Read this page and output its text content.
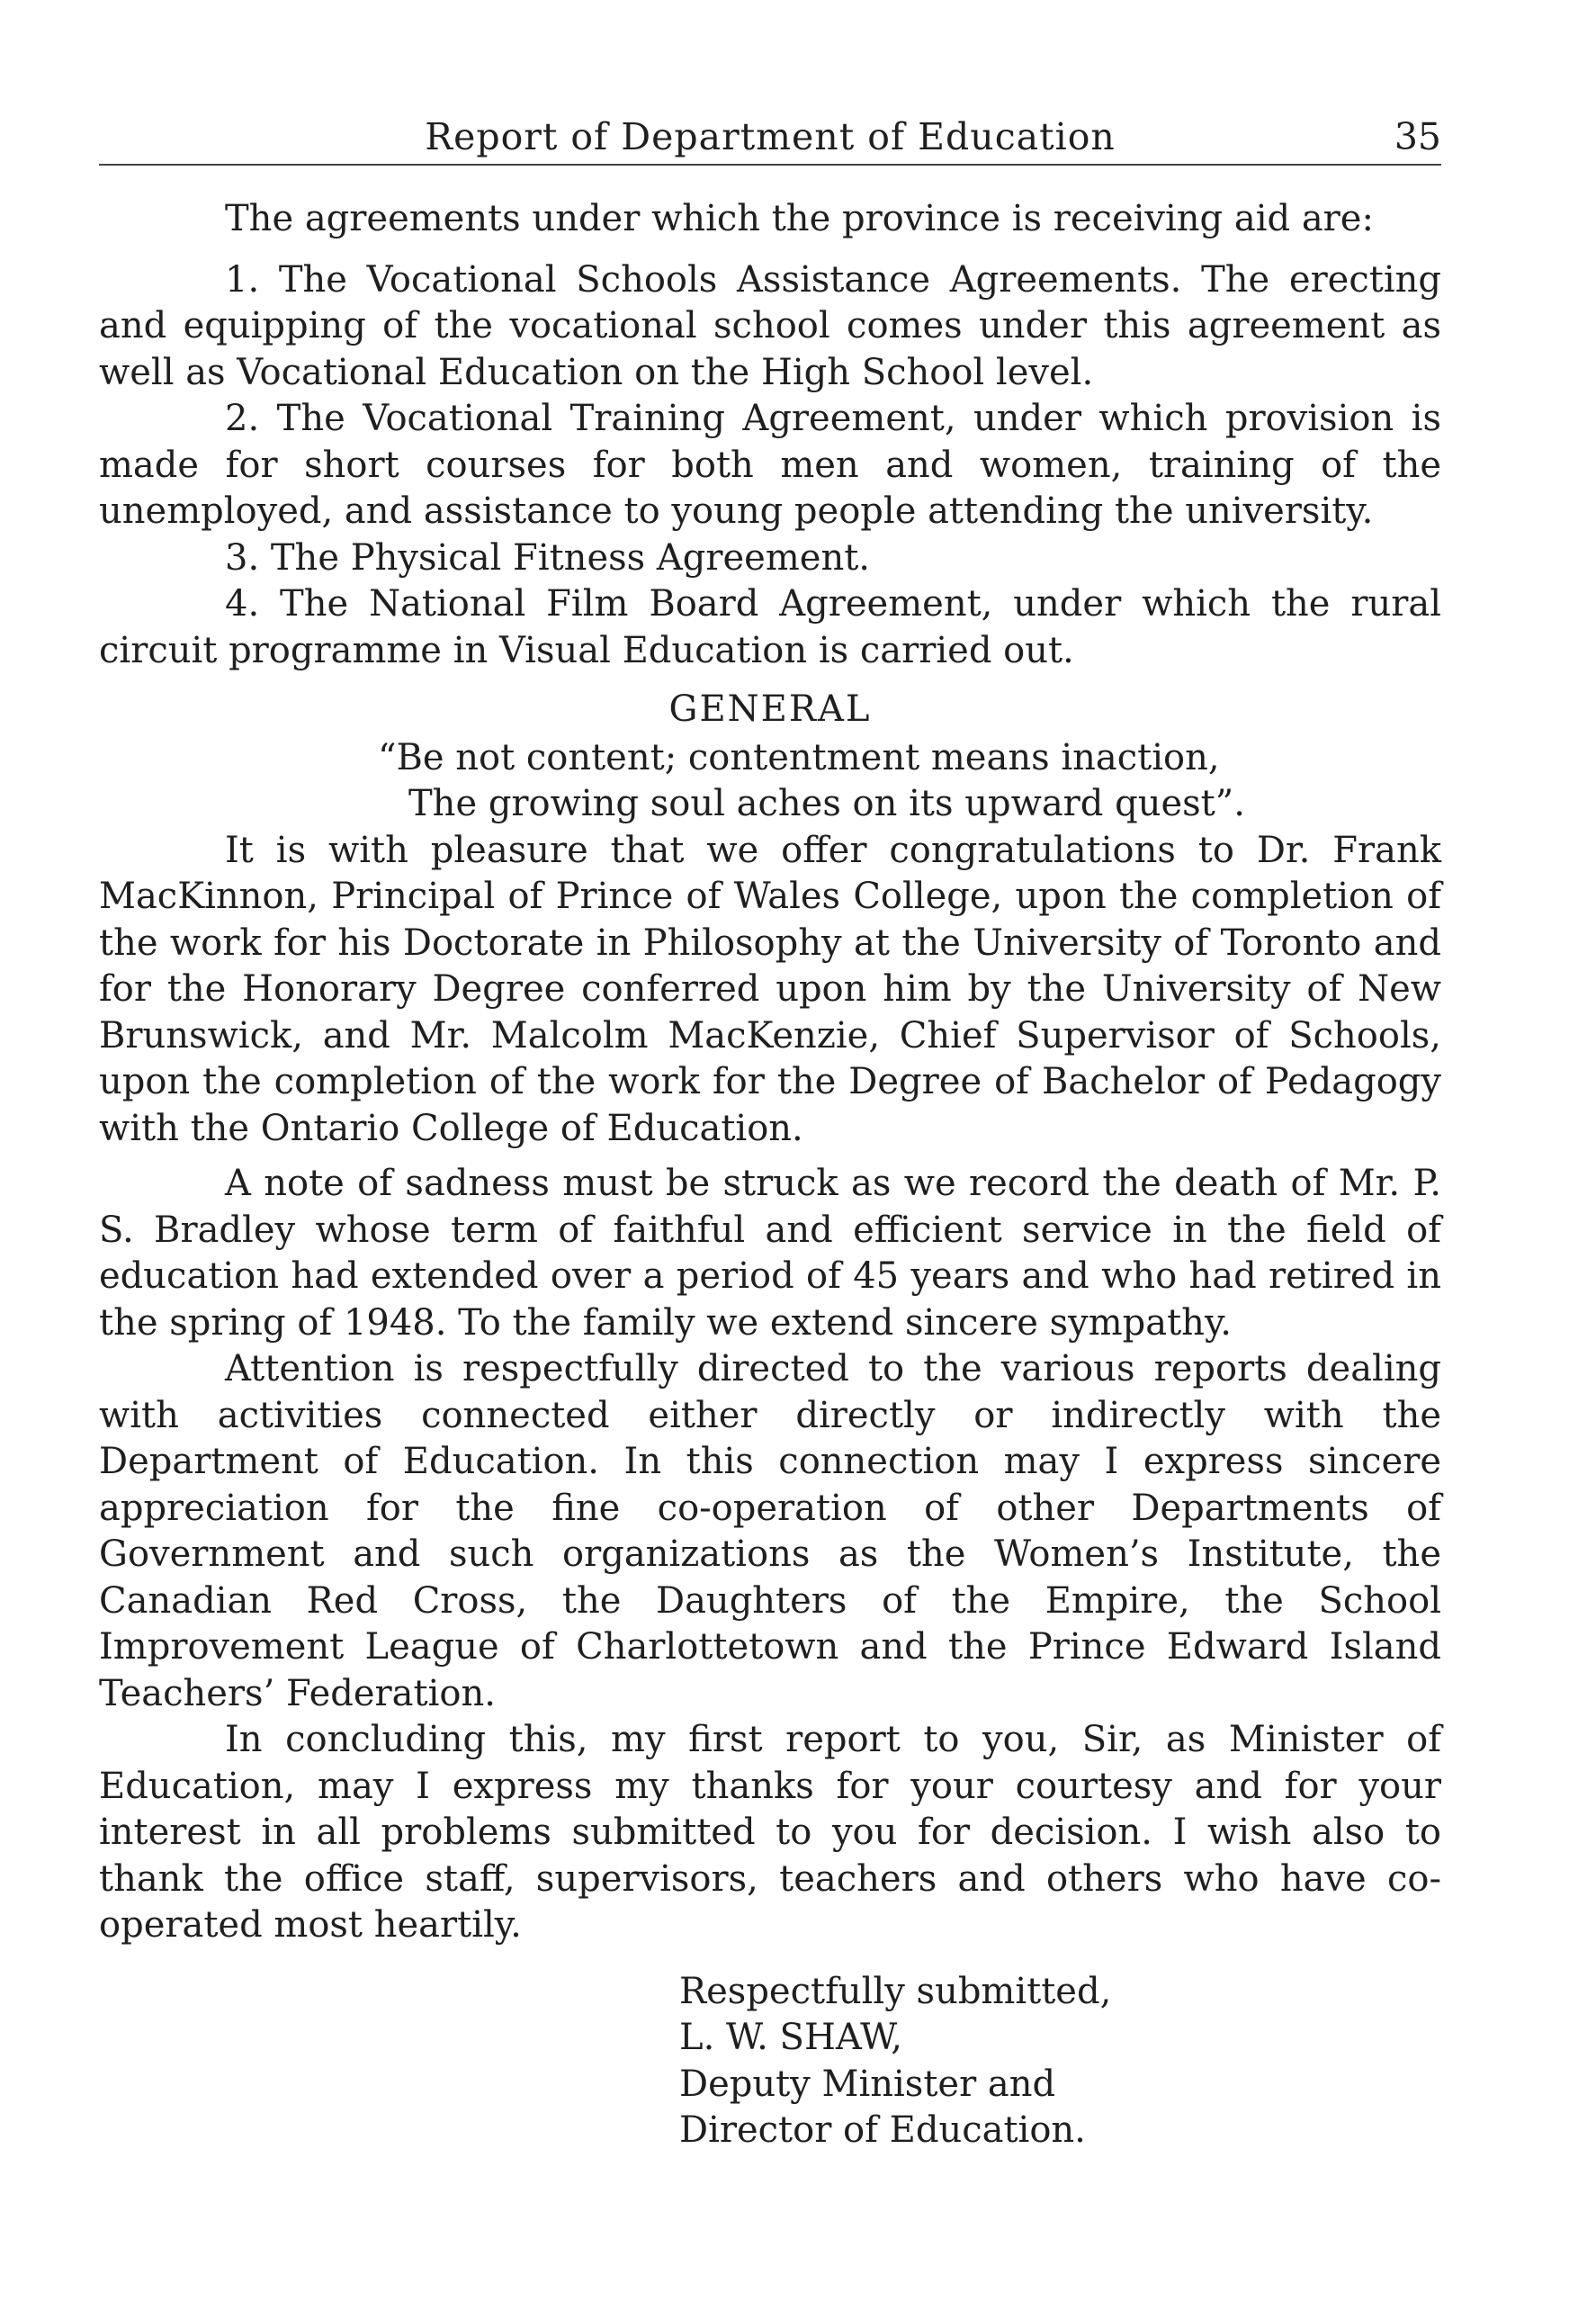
Report of Department of Education	35

The agreements under which the province is receiving aid are:

1. The Vocational Schools Assistance Agreements. The erecting and equipping of the vocational school comes under this agreement as well as Vocational Education on the High School level.

2. The Vocational Training Agreement, under which provision is made for short courses for both men and women, training of the unemployed, and assistance to young people attending the university.

3. The Physical Fitness Agreement.

4. The National Film Board Agreement, under which the rural circuit programme in Visual Education is carried out.

GENERAL
“Be not content; contentment means inaction,
The growing soul aches on its upward quest”.

It is with pleasure that we offer congratulations to Dr. Frank MacKinnon, Principal of Prince of Wales College, upon the completion of the work for his Doctorate in Philosophy at the University of Toronto and for the Honorary Degree conferred upon him by the University of New Brunswick, and Mr. Malcolm MacKenzie, Chief Supervisor of Schools, upon the completion of the work for the Degree of Bachelor of Pedagogy with the Ontario College of Education.

A note of sadness must be struck as we record the death of Mr. P. S. Bradley whose term of faithful and efficient service in the field of education had extended over a period of 45 years and who had retired in the spring of 1948. To the family we extend sincere sympathy.

Attention is respectfully directed to the various reports dealing with activities connected either directly or indirectly with the Department of Education. In this connection may I express sincere appreciation for the fine co-operation of other Departments of Government and such organizations as the Women’s Institute, the Canadian Red Cross, the Daughters of the Empire, the School Improvement League of Charlottetown and the Prince Edward Island Teachers’ Federation.

In concluding this, my first report to you, Sir, as Minister of Education, may I express my thanks for your courtesy and for your interest in all problems submitted to you for decision. I wish also to thank the office staff, supervisors, teachers and others who have co-operated most heartily.

Respectfully submitted,
L. W. SHAW,
Deputy Minister and
Director of Education.
